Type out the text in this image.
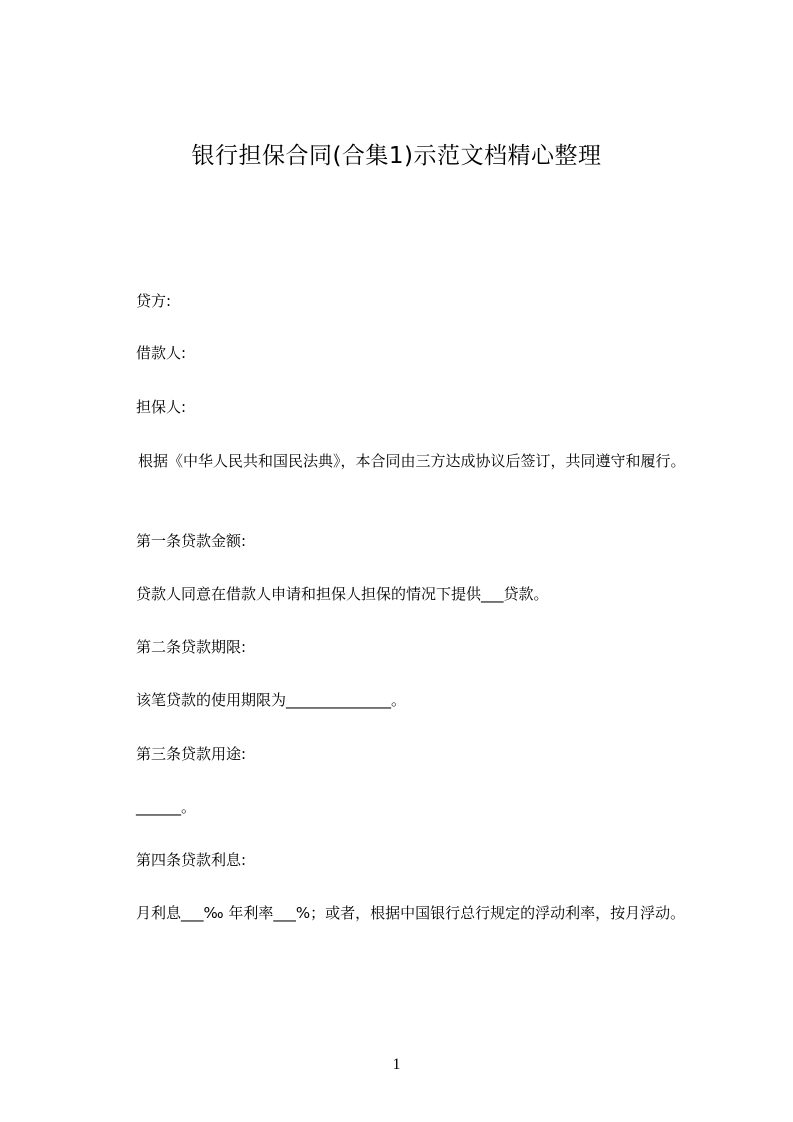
银行担保合同(合集1)示范文档精心整理
贷方:
借款人:
担保人:
根据《中华人民共和国民法典》，本合同由三方达成协议后签订，共同遵守和履行。
第一条贷款金额:
贷款人同意在借款人申请和担保人担保的情况下提供___贷款。
第二条贷款期限:
该笔贷款的使用期限为______________。
第三条贷款用途:
______。
第四条贷款利息:
月利息___‰ 年利率___%；或者，根据中国银行总行规定的浮动利率，按月浮动。
1
